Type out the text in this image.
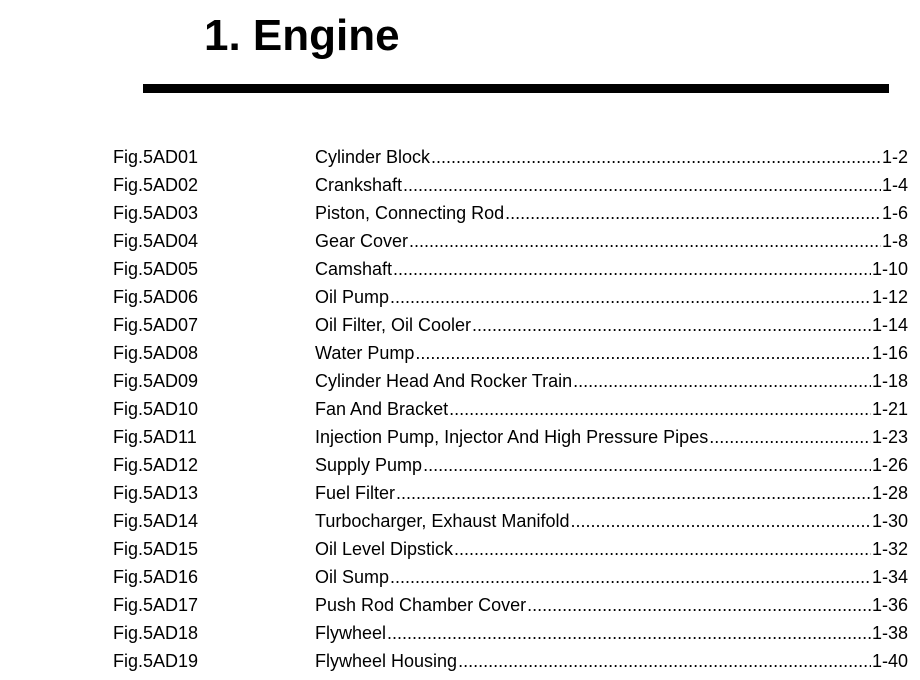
1. Engine
Fig.5AD01	Cylinder Block .....	1-2
Fig.5AD02	Crankshaft .....	1-4
Fig.5AD03	Piston, Connecting Rod .....	1-6
Fig.5AD04	Gear Cover .....	1-8
Fig.5AD05	Camshaft .....	1-10
Fig.5AD06	Oil Pump .....	1-12
Fig.5AD07	Oil Filter, Oil Cooler .....	1-14
Fig.5AD08	Water Pump .....	1-16
Fig.5AD09	Cylinder Head And Rocker Train .....	1-18
Fig.5AD10	Fan And Bracket .....	1-21
Fig.5AD11	Injection Pump, Injector And High Pressure Pipes .....	1-23
Fig.5AD12	Supply Pump .....	1-26
Fig.5AD13	Fuel Filter .....	1-28
Fig.5AD14	Turbocharger, Exhaust Manifold .....	1-30
Fig.5AD15	Oil Level Dipstick .....	1-32
Fig.5AD16	Oil Sump .....	1-34
Fig.5AD17	Push Rod Chamber Cover .....	1-36
Fig.5AD18	Flywheel .....	1-38
Fig.5AD19	Flywheel Housing .....	1-40
